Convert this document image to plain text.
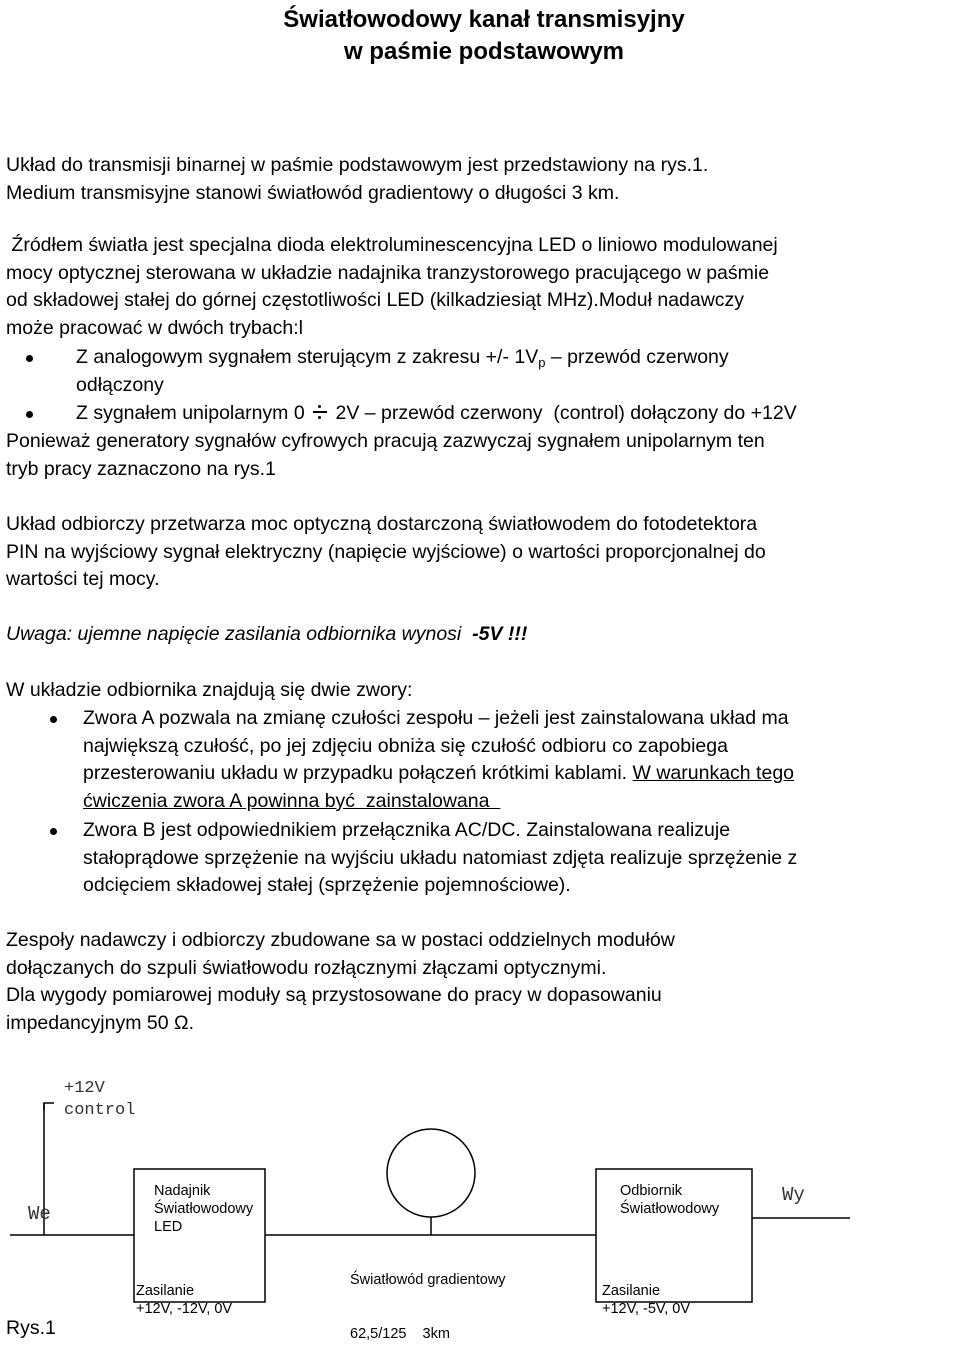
Światłowodowy kanał transmisyjny
w paśmie podstawowym
Układ do transmisji binarnej w paśmie podstawowym jest przedstawiony na rys.1.
Medium transmisyjne stanowi światłowód gradientowy o długości 3 km.
Źródłem światła jest specjalna dioda elektroluminescencyjna LED o liniowo modulowanej
mocy optycznej sterowana w układzie nadajnika tranzystorowego pracującego w paśmie
od składowej stałej do górnej częstotliwości LED (kilkadziesiąt MHz).Moduł nadawczy
może pracować w dwóch trybach:l
Z analogowym sygnałem sterującym z zakresu +/- $1V_p$ – przewód czerwony
odłączony
Z sygnałem unipolarnym 0
2V – przewód czerwony  (control) dołączony do +12V
Ponieważ generatory sygnałów cyfrowych pracują zazwyczaj sygnałem unipolarnym ten
tryb pracy zaznaczono na rys.1
Układ odbiorczy przetwarza moc optyczną dostarczoną światłowodem do fotodetektora
PIN na wyjściowy sygnał elektryczny (napięcie wyjściowe) o wartości proporcjonalnej do
wartości tej mocy.
Uwaga: ujemne napięcie zasilania odbiornika wynosi  -5V !!!
W układzie odbiornika znajdują się dwie zwory:
Zwora A pozwala na zmianę czułości zespołu – jeżeli jest zainstalowana układ ma
największą czułość, po jej zdjęciu obniża się czułość odbioru co zapobiega
przesterowaniu układu w przypadku połączeń krótkimi kablami. W warunkach tego
ćwiczenia zwora A powinna być  zainstalowana
Zwora B jest odpowiednikiem przełącznika AC/DC. Zainstalowana realizuje
stałoprądowe sprzężenie na wyjściu układu natomiast zdjęta realizuje sprzężenie z
odcięciem składowej stałej (sprzężenie pojemnościowe).
Zespoły nadawczy i odbiorczy zbudowane sa w postaci oddzielnych modułów
dołączanych do szpuli światłowodu rozłącznymi złączami optycznymi.
Dla wygody pomiarowej moduły są przystosowane do pracy w dopasowaniu
impedancyjnym 50 Ω.
+12V
control
We
Wy
Nadajnik
Światłowodowy
LED
Odbiornik
Światłowodowy

Światłowód gradientowy

62,5/125    3km

Zasilanie
+12V, -12V, 0V
Zasilanie
+12V, -5V, 0V
Rys.1
